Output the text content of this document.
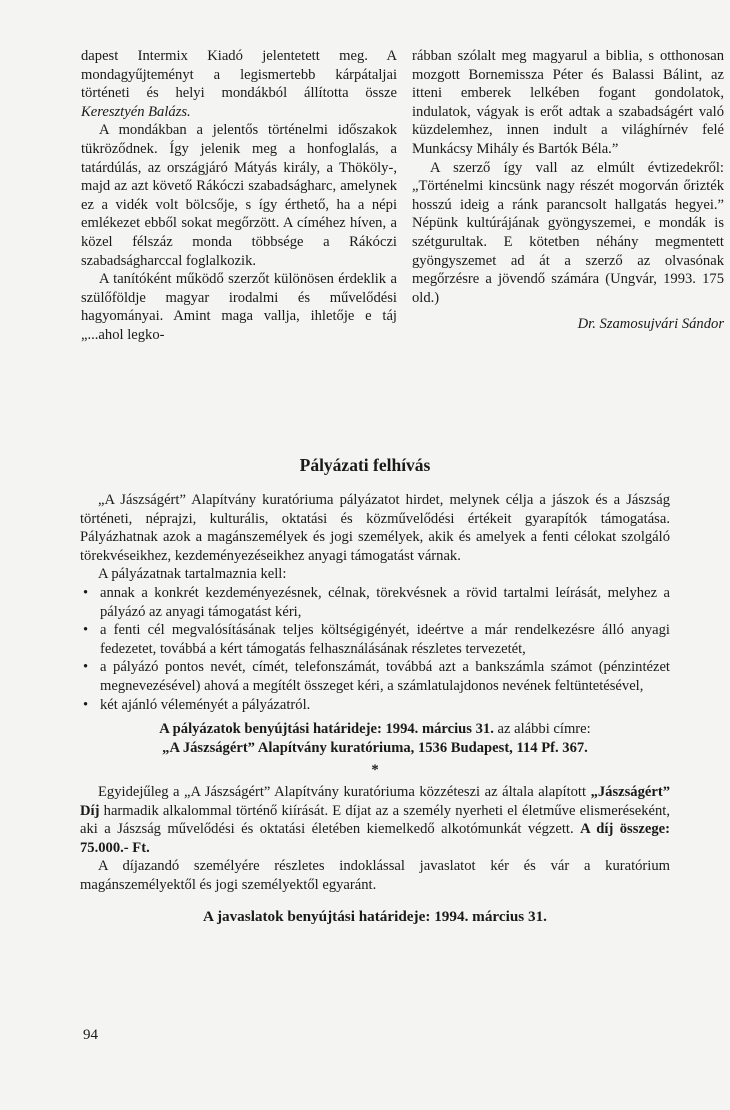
dapest Intermix Kiadó jelentetett meg. A mondagyűjteményt a legismertebb kárpátaljai történeti és helyi mondákból állította össze Keresztyén Balázs.

A mondákban a jelentős történelmi időszakok tükröződnek. Így jelenik meg a honfoglalás, a tatárdúlás, az országjáró Mátyás király, a Thököly-, majd az azt követő Rákóczi szabadságharc, amelynek ez a vidék volt bölcsője, s így érthető, ha a népi emlékezet ebből sokat megőrzött. A címéhez híven, a közel félszáz monda többsége a Rákóczi szabadságharccal foglalkozik.

A tanítóként működő szerzőt különösen érdeklik a szülőföldje magyar irodalmi és művelődési hagyományai. Amint maga vallja, ihletője e táj „...ahol legko-

rábban szólalt meg magyarul a biblia, s otthonosan mozgott Bornemissza Péter és Balassi Bálint, az itteni emberek lelkében fogant gondolatok, indulatok, vágyak is erőt adtak a szabadságért való küzdelemhez, innen indult a világhírnév felé Munkácsy Mihály és Bartók Béla.”

A szerző így vall az elmúlt évtizedekről: „Történelmi kincsünk nagy részét mogorván őrizték hosszú ideig a ránk parancsolt hallgatás hegyei.” Népünk kultúrájának gyöngyszemei, e mondák is szétgurultak. E kötetben néhány megmentett gyöngyszemet ad át a szerző az olvasónak megőrzésre a jövendő számára (Ungvár, 1993. 175 old.)

Dr. Szamosujvári Sándor

Pályázati felhívás

„A Jászságért” Alapítvány kuratóriuma pályázatot hirdet, melynek célja a jászok és a Jászság történeti, néprajzi, kulturális, oktatási és közművelődési értékeit gyarapítók támogatása. Pályázhatnak azok a magánszemélyek és jogi személyek, akik és amelyek a fenti célokat szolgáló törekvéseikhez, kezdeményezéseikhez anyagi támogatást várnak.

A pályázatnak tartalmaznia kell:

• annak a konkrét kezdeményezésnek, célnak, törekvésnek a rövid tartalmi leírását, melyhez a pályázó az anyagi támogatást kéri,
• a fenti cél megvalósításának teljes költségigényét, ideértve a már rendelkezésre álló anyagi fedezetet, továbbá a kért támogatás felhasználásának részletes tervezetét,
• a pályázó pontos nevét, címét, telefonszámát, továbbá azt a bankszámla számot (pénzintézet megnevezésével) ahová a megítélt összeget kéri, a számlatulajdonos nevének feltüntetésével,
• két ajánló véleményét a pályázatról.

A pályázatok benyújtási határideje: 1994. március 31. az alábbi címre:

„A Jászságért” Alapítvány kuratóriuma, 1536 Budapest, 114 Pf. 367.

*

Egyidejűleg a „A Jászságért” Alapítvány kuratóriuma közzéteszi az általa alapított „Jászságért” Díj harmadik alkalommal történő kiírását. E díjat az a személy nyerheti el életműve elismeréseként, aki a Jászság művelődési és oktatási életében kiemelkedő alkotómunkát végzett. A díj összege: 75.000.- Ft.

A díjazandó személyére részletes indoklással javaslatot kér és vár a kuratórium magánszemélyektől és jogi személyektől egyaránt.

A javaslatok benyújtási határideje: 1994. március 31.

94
